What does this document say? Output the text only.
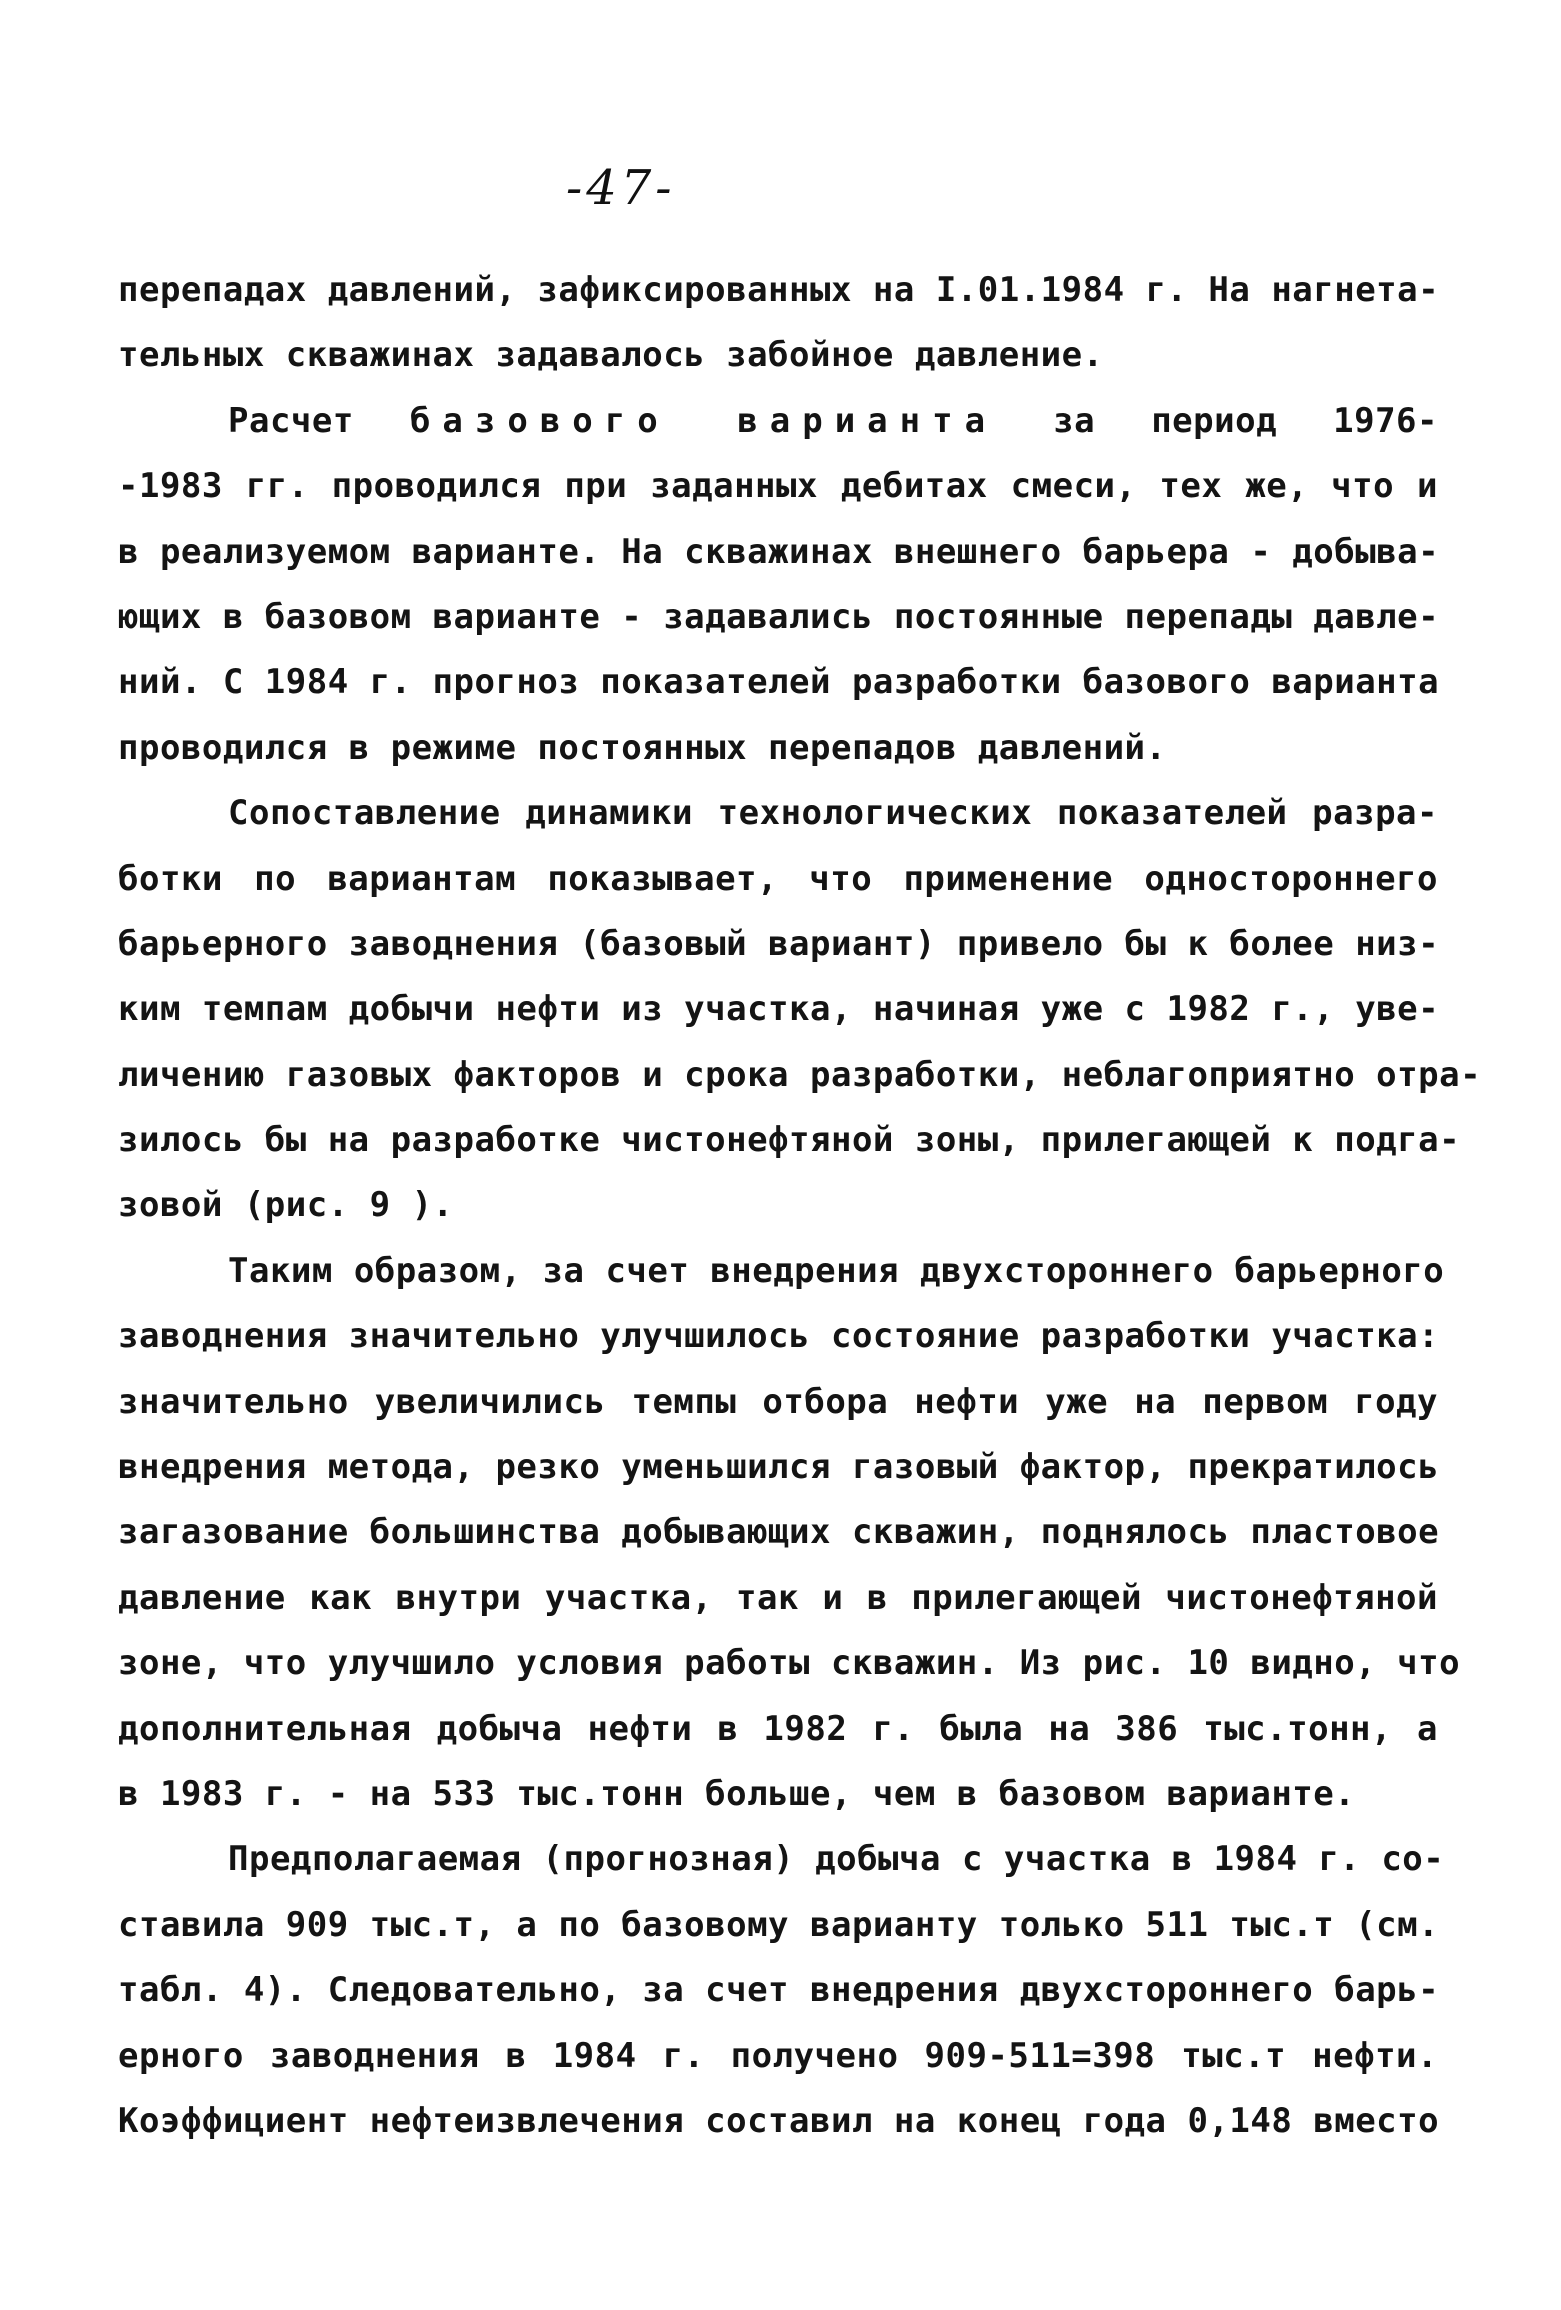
-47-
перепадах давлений, зафиксированных на I.01.1984 г. На нагнета-
тельных скважинах задавалось забойное давление.
Расчет базового варианта за период 1976-
-1983 гг. проводился при заданных дебитах смеси, тех же, что и
в реализуемом варианте. На скважинах внешнего барьера - добыва-
ющих в базовом варианте - задавались постоянные перепады давле-
ний. С 1984 г. прогноз показателей разработки базового варианта
проводился в режиме постоянных перепадов давлений.
Сопоставление динамики технологических показателей разра-
ботки по вариантам показывает, что применение одностороннего
барьерного заводнения (базовый вариант) привело бы к более низ-
ким темпам добычи нефти из участка, начиная уже с 1982 г., уве-
личению газовых факторов и срока разработки, неблагоприятно отра-
зилось бы на разработке чистонефтяной зоны, прилегающей к подга-
зовой (рис. 9 ).
Таким образом, за счет внедрения двухстороннего барьерного
заводнения значительно улучшилось состояние разработки участка:
значительно увеличились темпы отбора нефти уже на первом году
внедрения метода, резко уменьшился газовый фактор, прекратилось
загазование большинства добывающих скважин, поднялось пластовое
давление как внутри участка, так и в прилегающей чистонефтяной
зоне, что улучшило условия работы скважин. Из рис. 10 видно, что
дополнительная добыча нефти в 1982 г. была на 386 тыс.тонн, а
в 1983 г. - на 533 тыс.тонн больше, чем в базовом варианте.
Предполагаемая (прогнозная) добыча с участка в 1984 г. со-
ставила 909 тыс.т, а по базовому варианту только 511 тыс.т (см.
табл. 4). Следовательно, за счет внедрения двухстороннего барь-
ерного заводнения в 1984 г. получено 909-511=398 тыс.т нефти.
Коэффициент нефтеизвлечения составил на конец года 0,148 вместо
